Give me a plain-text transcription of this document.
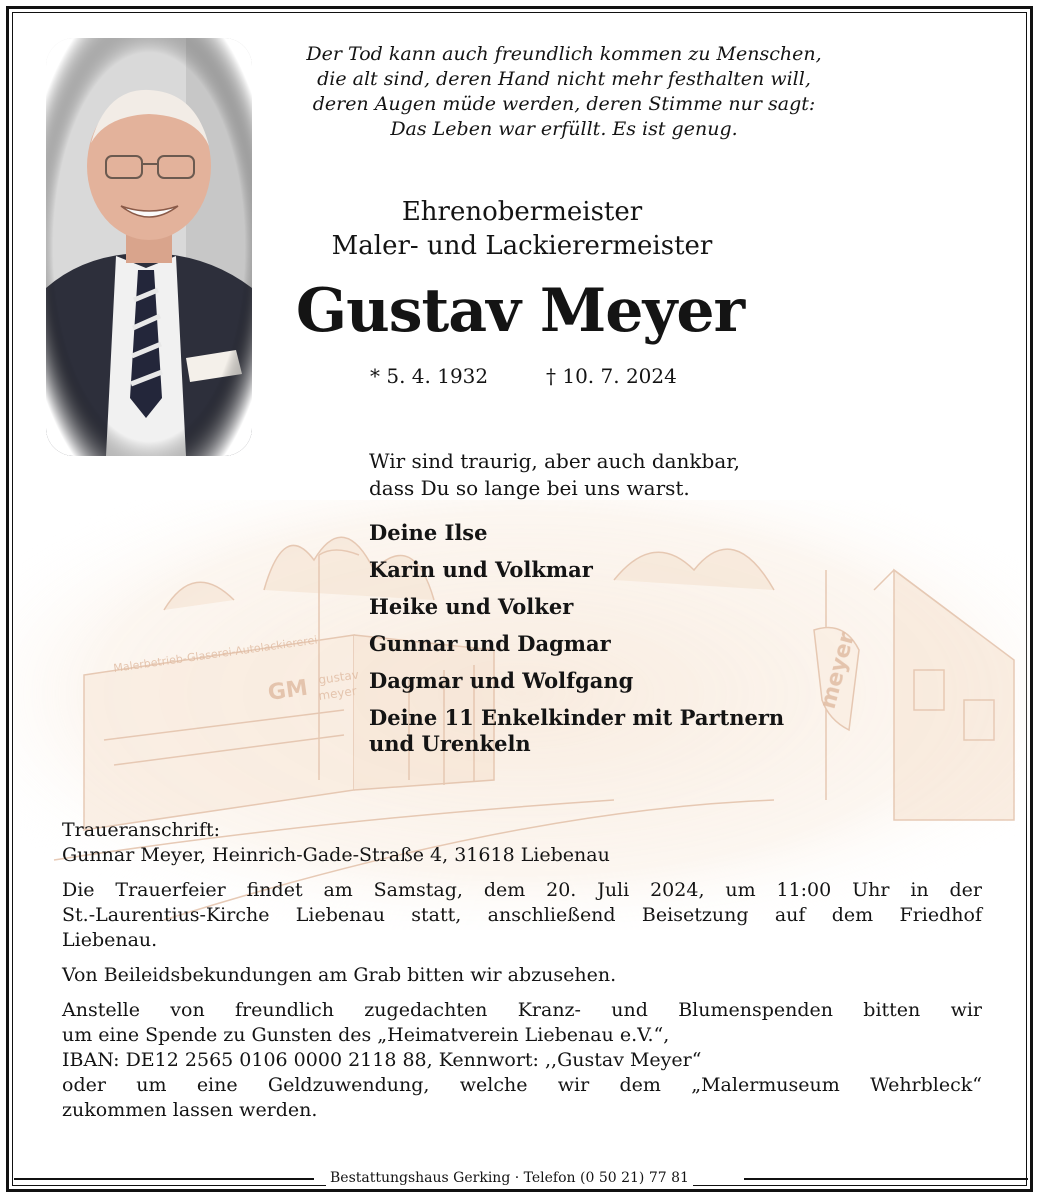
Malerbetrieb-Glaserei-Autolackiererei
GM gustav
meyer	meyer
Der Tod kann auch freundlich kommen zu Menschen,
die alt sind, deren Hand nicht mehr festhalten will,
deren Augen müde werden, deren Stimme nur sagt:
Das Leben war erfüllt. Es ist genug.
Ehrenobermeister
Maler- und Lackierermeister
Gustav Meyer
* 5. 4. 1932	† 10. 7. 2024
Wir sind traurig, aber auch dankbar,
dass Du so lange bei uns warst.
Deine Ilse
Karin und Volkmar
Heike und Volker
Gunnar und Dagmar
Dagmar und Wolfgang
Deine 11 Enkelkinder mit Partnern
und Urenkeln

Traueranschrift:
Gunnar Meyer, Heinrich-Gade-Straße 4, 31618 Liebenau

Die Trauerfeier findet am Samstag, dem 20. Juli 2024, um 11:00 Uhr in der
St.-Laurentius-Kirche Liebenau statt, anschließend Beisetzung auf dem Friedhof
Liebenau.

Von Beileidsbekundungen am Grab bitten wir abzusehen.

Anstelle von freundlich zugedachten Kranz- und Blumenspenden bitten wir
um eine Spende zu Gunsten des „Heimatverein Liebenau e.V.“,
IBAN: DE12 2565 0106 0000 2118 88, Kennwort: ,,Gustav Meyer“
oder um eine Geldzuwendung, welche wir dem „Malermuseum Wehrbleck“
zukommen lassen werden.

Bestattungshaus Gerking · Telefon (0 50 21) 77 81
